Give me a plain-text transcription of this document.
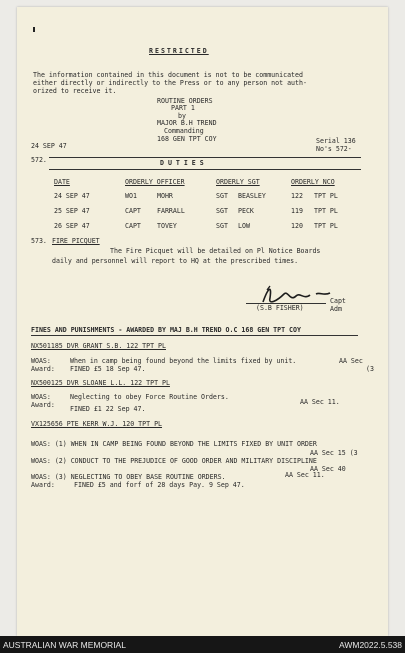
RESTRICTED
The information contained in this document is not to be communicated
either directly or indirectly to the Press or to any person not auth-
orized to receive it.
ROUTINE ORDERS
PART 1
by
MAJOR B.H TREND
Commanding
168 GEN TPT COY
24 SEP 47
Serial 136
No's 572-
572.	D U T I E S
DATE	ORDERLY OFFICER	ORDERLY SGT	ORDERLY NCO
24 SEP 47	WO1	MOHR	SGT BEASLEY	122 TPT PL
25 SEP 47	CAPT FARRALL	SGT PECK	119 TPT PL
26 SEP 47	CAPT TOVEY	SGT LOW	120 TPT PL
573. FIRE PICQUET
The Fire Picquet will be detailed on Pl Notice Boards
daily and personnel will report to HQ at the prescribed times.
(S.B FISHER)
Capt
Adm
FINES AND PUNISHMENTS - AWARDED BY MAJ B.H TREND O.C 168 GEN TPT COY
NX501185 DVR GRANT S.B. 122 TPT PL
WOAS:	When in camp being found beyond the limits fixed by unit.	AA Sec
Award: FINED £5 18 Sep 47.	(3
NX500125 DVR SLOANE L.L. 122 TPT PL
WOAS:	Neglecting to obey Force Routine Orders.
AA Sec 11.
Award: FINED £1 22 Sep 47.
VX125656 PTE KERR W.J. 120 TPT PL
WOAS: (1) WHEN IN CAMP BEING FOUND BEYOND THE LIMITS FIXED BY UNIT ORDER
AA Sec 15 (3
WOAS: (2) CONDUCT TO THE PREJUDICE OF GOOD ORDER AND MILITARY DISCIPLINE
AA Sec 40
WOAS: (3) NEGLECTING TO OBEY BASE ROUTINE ORDERS.	AA Sec 11.
Award:	FINED £5 and forf of 28 days Pay. 9 Sep 47.
AUSTRALIAN WAR MEMORIAL	AWM2022.5.538
